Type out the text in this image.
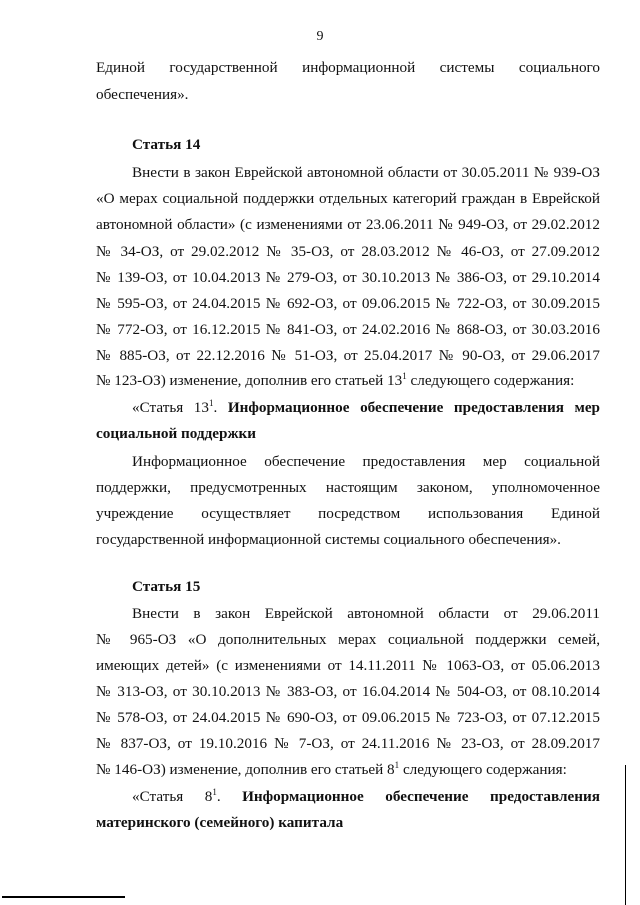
9
Единой государственной информационной системы социального
обеспечения».
Статья 14
Внести в закон Еврейской автономной области от 30.05.2011 № 939-ОЗ
«О мерах социальной поддержки отдельных категорий граждан в Еврейской
автономной области» (с изменениями от 23.06.2011 № 949-ОЗ, от 29.02.2012
№ 34-ОЗ, от 29.02.2012 № 35-ОЗ, от 28.03.2012 № 46-ОЗ, от 27.09.2012
№ 139-ОЗ, от 10.04.2013 № 279-ОЗ, от 30.10.2013 № 386-ОЗ, от 29.10.2014
№ 595-ОЗ, от 24.04.2015 № 692-ОЗ, от 09.06.2015 № 722-ОЗ, от 30.09.2015
№ 772-ОЗ, от 16.12.2015 № 841-ОЗ, от 24.02.2016 № 868-ОЗ, от 30.03.2016
№ 885-ОЗ, от 22.12.2016 № 51-ОЗ, от 25.04.2017 № 90-ОЗ, от 29.06.2017
№ 123-ОЗ) изменение, дополнив его статьей $13^1$ следующего содержания:
«Статья $13^1$. Информационное обеспечение предоставления мер
социальной поддержки
Информационное обеспечение предоставления мер социальной
поддержки, предусмотренных настоящим законом, уполномоченное
учреждение осуществляет посредством использования Единой
государственной информационной системы социального обеспечения».
Статья 15
Внести в закон Еврейской автономной области от 29.06.2011
№ 965-ОЗ «О дополнительных мерах социальной поддержки семей,
имеющих детей» (с изменениями от 14.11.2011 № 1063-ОЗ, от 05.06.2013
№ 313-ОЗ, от 30.10.2013 № 383-ОЗ, от 16.04.2014 № 504-ОЗ, от 08.10.2014
№ 578-ОЗ, от 24.04.2015 № 690-ОЗ, от 09.06.2015 № 723-ОЗ, от 07.12.2015
№ 837-ОЗ, от 19.10.2016 № 7-ОЗ, от 24.11.2016 № 23-ОЗ, от 28.09.2017
№ 146-ОЗ) изменение, дополнив его статьей $8^1$ следующего содержания:
«Статья $8^1$. Информационное обеспечение предоставления
материнского (семейного) капитала
